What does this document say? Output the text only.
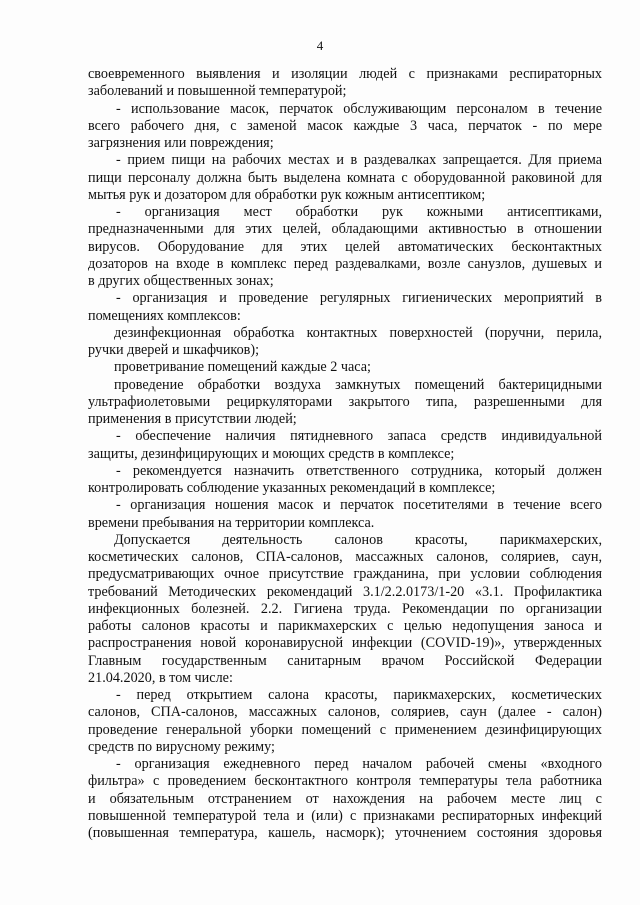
4
своевременного выявления и изоляции людей с признаками респираторных
заболеваний и повышенной температурой;
- использование масок, перчаток обслуживающим персоналом в течение
всего рабочего дня, с заменой масок каждые 3 часа, перчаток - по мере
загрязнения или повреждения;
- прием пищи на рабочих местах и в раздевалках запрещается. Для приема
пищи персоналу должна быть выделена комната с оборудованной раковиной для
мытья рук и дозатором для обработки рук кожным антисептиком;
- организация мест обработки рук кожными антисептиками,
предназначенными для этих целей, обладающими активностью в отношении
вирусов. Оборудование для этих целей автоматических бесконтактных
дозаторов на входе в комплекс перед раздевалками, возле санузлов, душевых и
в других общественных зонах;
- организация и проведение регулярных гигиенических мероприятий в
помещениях комплексов:
дезинфекционная обработка контактных поверхностей (поручни, перила,
ручки дверей и шкафчиков);
проветривание помещений каждые 2 часа;
проведение обработки воздуха замкнутых помещений бактерицидными
ультрафиолетовыми рециркуляторами закрытого типа, разрешенными для
применения в присутствии людей;
- обеспечение наличия пятидневного запаса средств индивидуальной
защиты, дезинфицирующих и моющих средств в комплексе;
- рекомендуется назначить ответственного сотрудника, который должен
контролировать соблюдение указанных рекомендаций в комплексе;
- организация ношения масок и перчаток посетителями в течение всего
времени пребывания на территории комплекса.
Допускается деятельность салонов красоты, парикмахерских,
косметических салонов, СПА-салонов, массажных салонов, соляриев, саун,
предусматривающих очное присутствие гражданина, при условии соблюдения
требований Методических рекомендаций 3.1/2.2.0173/1-20 «3.1. Профилактика
инфекционных болезней. 2.2. Гигиена труда. Рекомендации по организации
работы салонов красоты и парикмахерских с целью недопущения заноса и
распространения новой коронавирусной инфекции (COVID-19)», утвержденных
Главным государственным санитарным врачом Российской Федерации
21.04.2020, в том числе:
- перед открытием салона красоты, парикмахерских, косметических
салонов, СПА-салонов, массажных салонов, соляриев, саун (далее - салон)
проведение генеральной уборки помещений с применением дезинфицирующих
средств по вирусному режиму;
- организация ежедневного перед началом рабочей смены «входного
фильтра» с проведением бесконтактного контроля температуры тела работника
и обязательным отстранением от нахождения на рабочем месте лиц с
повышенной температурой тела и (или) с признаками респираторных инфекций
(повышенная температура, кашель, насморк); уточнением состояния здоровья
